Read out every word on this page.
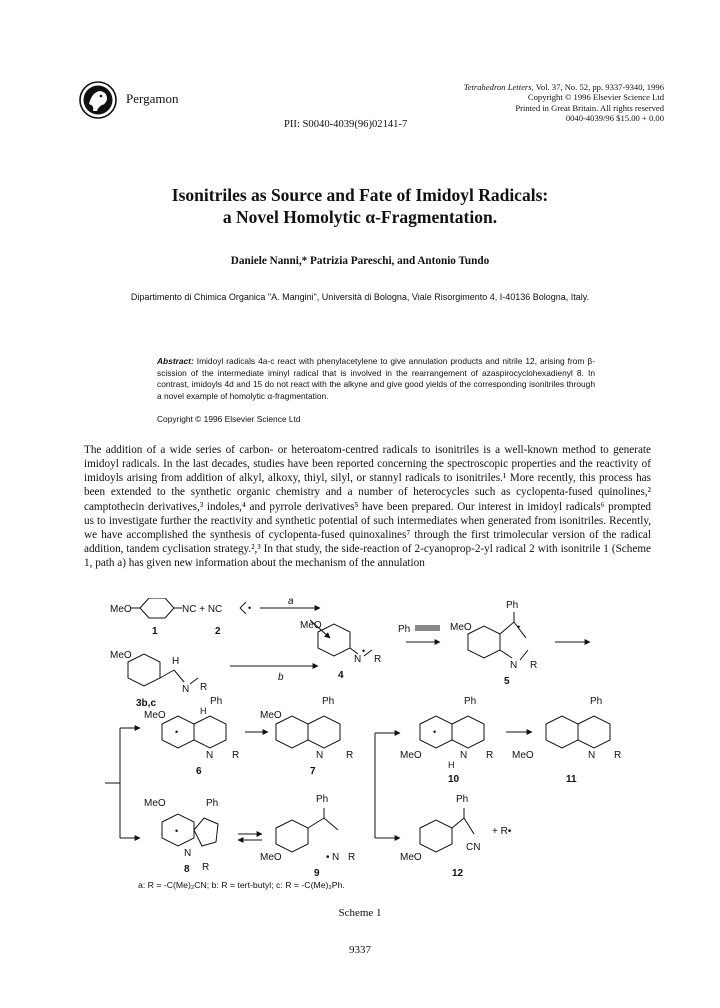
Pergamon
Tetrahedron Letters, Vol. 37, No. 52, pp. 9337-9340, 1996
Copyright © 1996 Elsevier Science Ltd
Printed in Great Britain. All rights reserved
0040-4039/96 $15.00 + 0.00
PII: S0040-4039(96)02141-7
Isonitriles as Source and Fate of Imidoyl Radicals:
a Novel Homolytic α-Fragmentation.
Daniele Nanni,* Patrizia Pareschi, and Antonio Tundo
Dipartimento di Chimica Organica "A. Mangini", Università di Bologna, Viale Risorgimento 4, I-40136 Bologna, Italy.
Abstract: Imidoyl radicals 4a-c react with phenylacetylene to give annulation products and nitrile 12, arising from β-scission of the intermediate iminyl radical that is involved in the rearrangement of azaspirocyclohexadienyl 8. In contrast, imidoyls 4d and 15 do not react with the alkyne and give good yields of the corresponding isonitriles through a novel example of homolytic α-fragmentation.
Copyright © 1996 Elsevier Science Ltd

The addition of a wide series of carbon- or heteroatom-centred radicals to isonitriles is a well-known method to generate imidoyl radicals. In the last decades, studies have been reported concerning the spectroscopic properties and the reactivity of imidoyls arising from addition of alkyl, alkoxy, thiyl, silyl, or stannyl radicals to isonitriles.¹ More recently, this process has been extended to the synthetic organic chemistry and a number of heterocycles such as cyclopenta-fused quinolines,² camptothecin derivatives,³ indoles,⁴ and pyrrole derivatives⁵ have been prepared. Our interest in imidoyl radicals⁶ prompted us to investigate further the reactivity and synthetic potential of such intermediates when generated from isonitriles. Recently, we have accomplished the synthesis of cyclopenta-fused quinoxalines⁷ through the first trimolecular version of the radical addition, tandem cyclisation strategy.²,³ In that study, the side-reaction of 2-cyanoprop-2-yl radical 2 with isonitrile 1 (Scheme 1, path a) has given new information about the mechanism of the annulation

MeO	NC + NC	•
1	2
a
MeO
N
•
R
4
Ph	MeO
Ph
•
N R
5
MeO
H
N R
3b,c
b
MeO
•
H
Ph
N R
6
MeO
Ph
N R
7
•
Ph
MeO	N R
H
10
Ph
MeO	N R
11
MeO
•
Ph
N
R
8
MeO
Ph
• N R
9
MeO
Ph
CN
+ R•
12
a: R = -C(Me)₂CN; b: R = tert-butyl; c: R = -C(Me)₂Ph.
Scheme 1
9337
